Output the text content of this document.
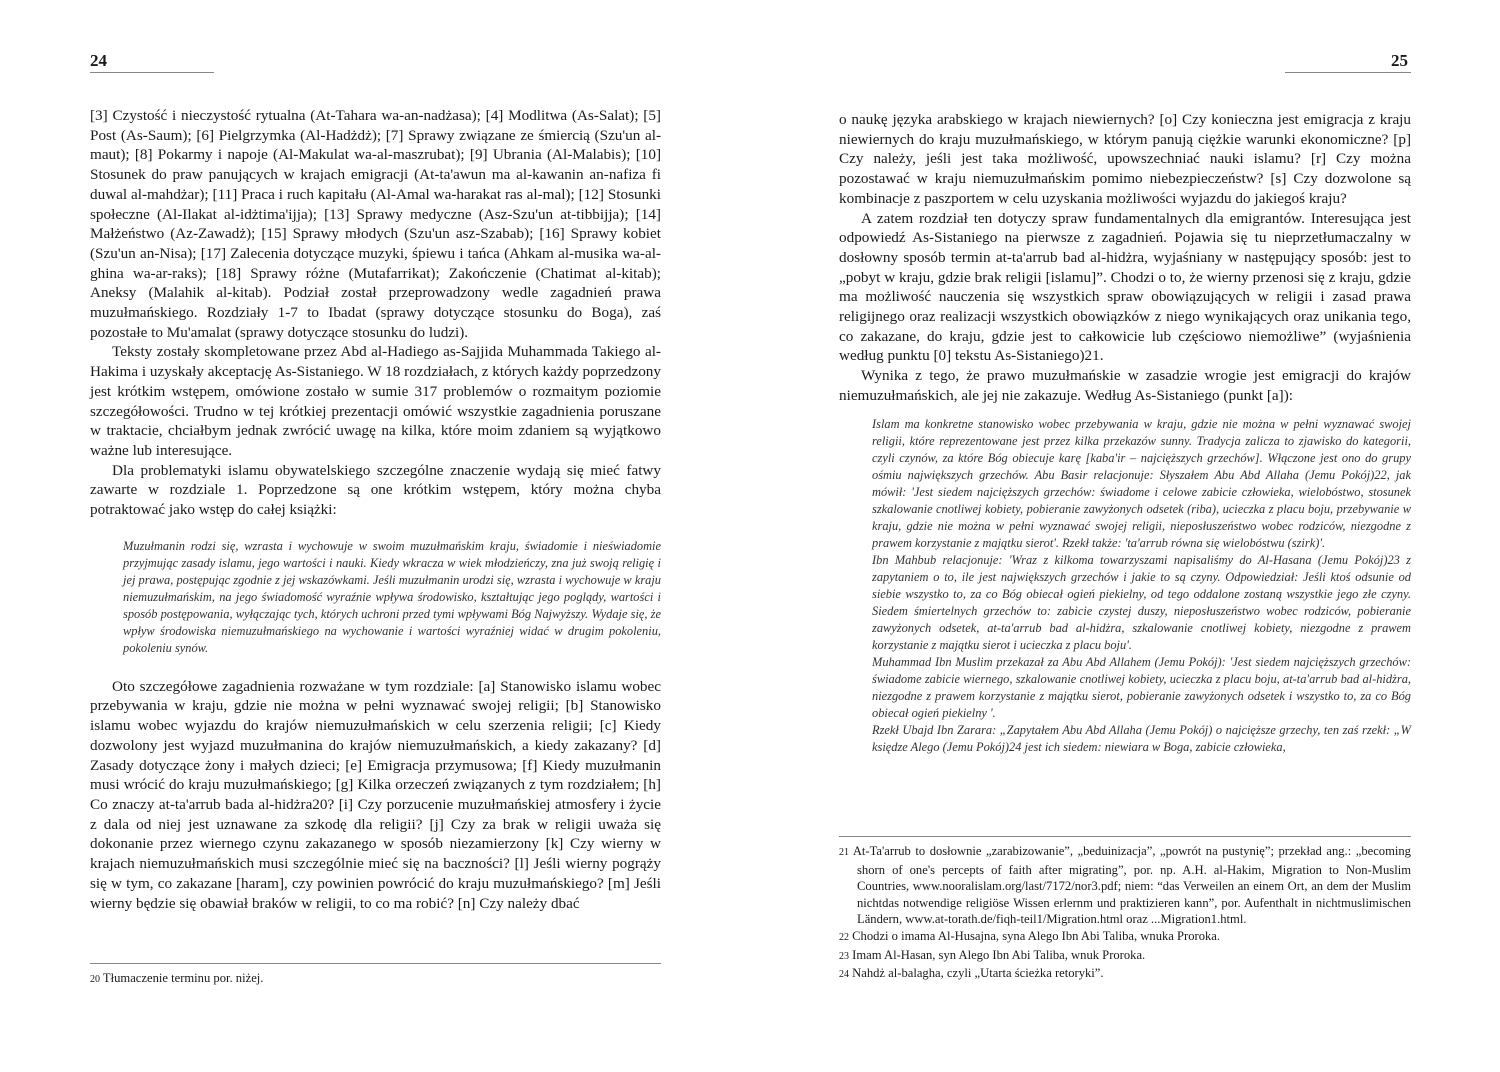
24

[3] Czystość i nieczystość rytualna (At-Tahara wa-an-nadżasa); [4] Modlitwa (As-Salat); [5] Post (As-Saum); [6] Pielgrzymka (Al-Hadżdż); [7] Sprawy związane ze śmiercią (Szu'un al-maut); [8] Pokarmy i napoje (Al-Makulat wa-al-maszrubat); [9] Ubrania (Al-Malabis); [10] Stosunek do praw panujących w krajach emigracji (At-ta'awun ma al-kawanin an-nafiza fi duwal al-mahdżar); [11] Praca i ruch kapitału (Al-Amal wa-harakat ras al-mal); [12] Stosunki społeczne (Al-Ilakat al-idżtima'ijja); [13] Sprawy medyczne (Asz-Szu'un at-tibbijja); [14] Małżeństwo (Az-Zawadż); [15] Sprawy młodych (Szu'un asz-Szabab); [16] Sprawy kobiet (Szu'un an-Nisa); [17] Zalecenia dotyczące muzyki, śpiewu i tańca (Ahkam al-musika wa-al-ghina wa-ar-raks); [18] Sprawy różne (Mutafarrikat); Zakończenie (Chatimat al-kitab); Aneksy (Malahik al-kitab). Podział został przeprowadzony wedle zagadnień prawa muzułmańskiego. Rozdziały 1-7 to Ibadat (sprawy dotyczące stosunku do Boga), zaś pozostałe to Mu'amalat (sprawy dotyczące stosunku do ludzi).

Teksty zostały skompletowane przez Abd al-Hadiego as-Sajjida Muhammada Takiego al-Hakima i uzyskały akceptację As-Sistaniego. W 18 rozdziałach, z których każdy poprzedzony jest krótkim wstępem, omówione zostało w sumie 317 problemów o rozmaitym poziomie szczegółowości. Trudno w tej krótkiej prezentacji omówić wszystkie zagadnienia poruszane w traktacie, chciałbym jednak zwrócić uwagę na kilka, które moim zdaniem są wyjątkowo ważne lub interesujące.

Dla problematyki islamu obywatelskiego szczególne znaczenie wydają się mieć fatwy zawarte w rozdziale 1. Poprzedzone są one krótkim wstępem, który można chyba potraktować jako wstęp do całej książki:

Muzułmanin rodzi się, wzrasta i wychowuje w swoim muzułmańskim kraju, świadomie i nieświadomie przyjmując zasady islamu, jego wartości i nauki. Kiedy wkracza w wiek młodzieńczy, zna już swoją religię i jej prawa, postępując zgodnie z jej wskazówkami. Jeśli muzułmanin urodzi się, wzrasta i wychowuje w kraju niemuzułmańskim, na jego świadomość wyraźnie wpływa środowisko, kształtując jego poglądy, wartości i sposób postępowania, wyłączając tych, których uchroni przed tymi wpływami Bóg Najwyższy. Wydaje się, że wpływ środowiska niemuzułmańskiego na wychowanie i wartości wyraźniej widać w drugim pokoleniu, pokoleniu synów.

Oto szczegółowe zagadnienia rozważane w tym rozdziale: [a] Stanowisko islamu wobec przebywania w kraju, gdzie nie można w pełni wyznawać swojej religii; [b] Stanowisko islamu wobec wyjazdu do krajów niemuzułmańskich w celu szerzenia religii; [c] Kiedy dozwolony jest wyjazd muzułmanina do krajów niemuzułmańskich, a kiedy zakazany? [d] Zasady dotyczące żony i małych dzieci; [e] Emigracja przymusowa; [f] Kiedy muzułmanin musi wrócić do kraju muzułmańskiego; [g] Kilka orzeczeń związanych z tym rozdziałem; [h] Co znaczy at-ta'arrub bada al-hidżra20? [i] Czy porzucenie muzułmańskiej atmosfery i życie z dala od niej jest uznawane za szkodę dla religii? [j] Czy za brak w religii uważa się dokonanie przez wiernego czynu zakazanego w sposób niezamierzony [k] Czy wierny w krajach niemuzułmańskich musi szczególnie mieć się na baczności? [l] Jeśli wierny pogrąży się w tym, co zakazane [haram], czy powinien powrócić do kraju muzułmańskiego? [m] Jeśli wierny będzie się obawiał braków w religii, to co ma robić? [n] Czy należy dbać

20 Tłumaczenie terminu por. niżej.

25

o naukę języka arabskiego w krajach niewiernych? [o] Czy konieczna jest emigracja z kraju niewiernych do kraju muzułmańskiego, w którym panują ciężkie warunki ekonomiczne? [p] Czy należy, jeśli jest taka możliwość, upowszechniać nauki islamu? [r] Czy można pozostawać w kraju niemuzułmańskim pomimo niebezpieczeństw? [s] Czy dozwolone są kombinacje z paszportem w celu uzyskania możliwości wyjazdu do jakiegoś kraju?

A zatem rozdział ten dotyczy spraw fundamentalnych dla emigrantów. Interesująca jest odpowiedź As-Sistaniego na pierwsze z zagadnień. Pojawia się tu nieprzetłumaczalny w dosłowny sposób termin at-ta'arrub bad al-hidżra, wyjaśniany w następujący sposób: jest to „pobyt w kraju, gdzie brak religii [islamu]”. Chodzi o to, że wierny przenosi się z kraju, gdzie ma możliwość nauczenia się wszystkich spraw obowiązujących w religii i zasad prawa religijnego oraz realizacji wszystkich obowiązków z niego wynikających oraz unikania tego, co zakazane, do kraju, gdzie jest to całkowicie lub częściowo niemożliwe” (wyjaśnienia według punktu [0] tekstu As-Sistaniego)21.

Wynika z tego, że prawo muzułmańskie w zasadzie wrogie jest emigracji do krajów niemuzułmańskich, ale jej nie zakazuje. Według As-Sistaniego (punkt [a]):

Islam ma konkretne stanowisko wobec przebywania w kraju, gdzie nie można w pełni wyznawać swojej religii, które reprezentowane jest przez kilka przekazów sunny. Tradycja zalicza to zjawisko do kategorii, czyli czynów, za które Bóg obiecuje karę [kaba'ir – najcięższych grzechów]. Włączone jest ono do grupy ośmiu największych grzechów. Abu Basir relacjonuje: Słyszałem Abu Abd Allaha (Jemu Pokój)22, jak mówił: 'Jest siedem najcięższych grzechów: świadome i celowe zabicie człowieka, wielobóstwo, stosunek szkalowanie cnotliwej kobiety, pobieranie zawyżonych odsetek (riba), ucieczka z placu boju, przebywanie w kraju, gdzie nie można w pełni wyznawać swojej religii, nieposłuszeństwo wobec rodziców, niezgodne z prawem korzystanie z majątku sierot'. Rzekł także: 'ta'arrub równa się wielobóstwu (szirk)'.

Ibn Mahbub relacjonuje: 'Wraz z kilkoma towarzyszami napisaliśmy do Al-Hasana (Jemu Pokój)23 z zapytaniem o to, ile jest największych grzechów i jakie to są czyny. Odpowiedział: Jeśli ktoś odsunie od siebie wszystko to, za co Bóg obiecał ogień piekielny, od tego oddalone zostaną wszystkie jego złe czyny. Siedem śmiertelnych grzechów to: zabicie czystej duszy, nieposłuszeństwo wobec rodziców, pobieranie zawyżonych odsetek, at-ta'arrub bad al-hidżra, szkalowanie cnotliwej kobiety, niezgodne z prawem korzystanie z majątku sierot i ucieczka z placu boju'.

Muhammad Ibn Muslim przekazał za Abu Abd Allahem (Jemu Pokój): 'Jest siedem najcięższych grzechów: świadome zabicie wiernego, szkalowanie cnotliwej kobiety, ucieczka z placu boju, at-ta'arrub bad al-hidżra, niezgodne z prawem korzystanie z majątku sierot, pobieranie zawyżonych odsetek i wszystko to, za co Bóg obiecał ogień piekielny '.

Rzekł Ubajd Ibn Zarara: „Zapytałem Abu Abd Allaha (Jemu Pokój) o najcięższe grzechy, ten zaś rzekł: „W księdze Alego (Jemu Pokój)24 jest ich siedem: niewiara w Boga, zabicie człowieka,

21 At-Ta'arrub to dosłownie „zarabizowanie”, „beduinizacja”, „powrót na pustynię”; przekład ang.: „becoming shorn of one's percepts of faith after migrating”, por. np. A.H. al-Hakim, Migration to Non-Muslim Countries, www.nooralislam.org/last/7172/nor3.pdf; niem: “das Verweilen an einem Ort, an dem der Muslim nichtdas notwendige religiöse Wissen erlernm und praktizieren kann”, por. Aufenthalt in nichtmuslimischen Ländern, www.at-torath.de/fiqh-teil1/Migration.html oraz ...Migration1.html.

22 Chodzi o imama Al-Husajna, syna Alego Ibn Abi Taliba, wnuka Proroka.

23 Imam Al-Hasan, syn Alego Ibn Abi Taliba, wnuk Proroka.

24 Nahdż al-balagha, czyli „Utarta ścieżka retoryki”.
